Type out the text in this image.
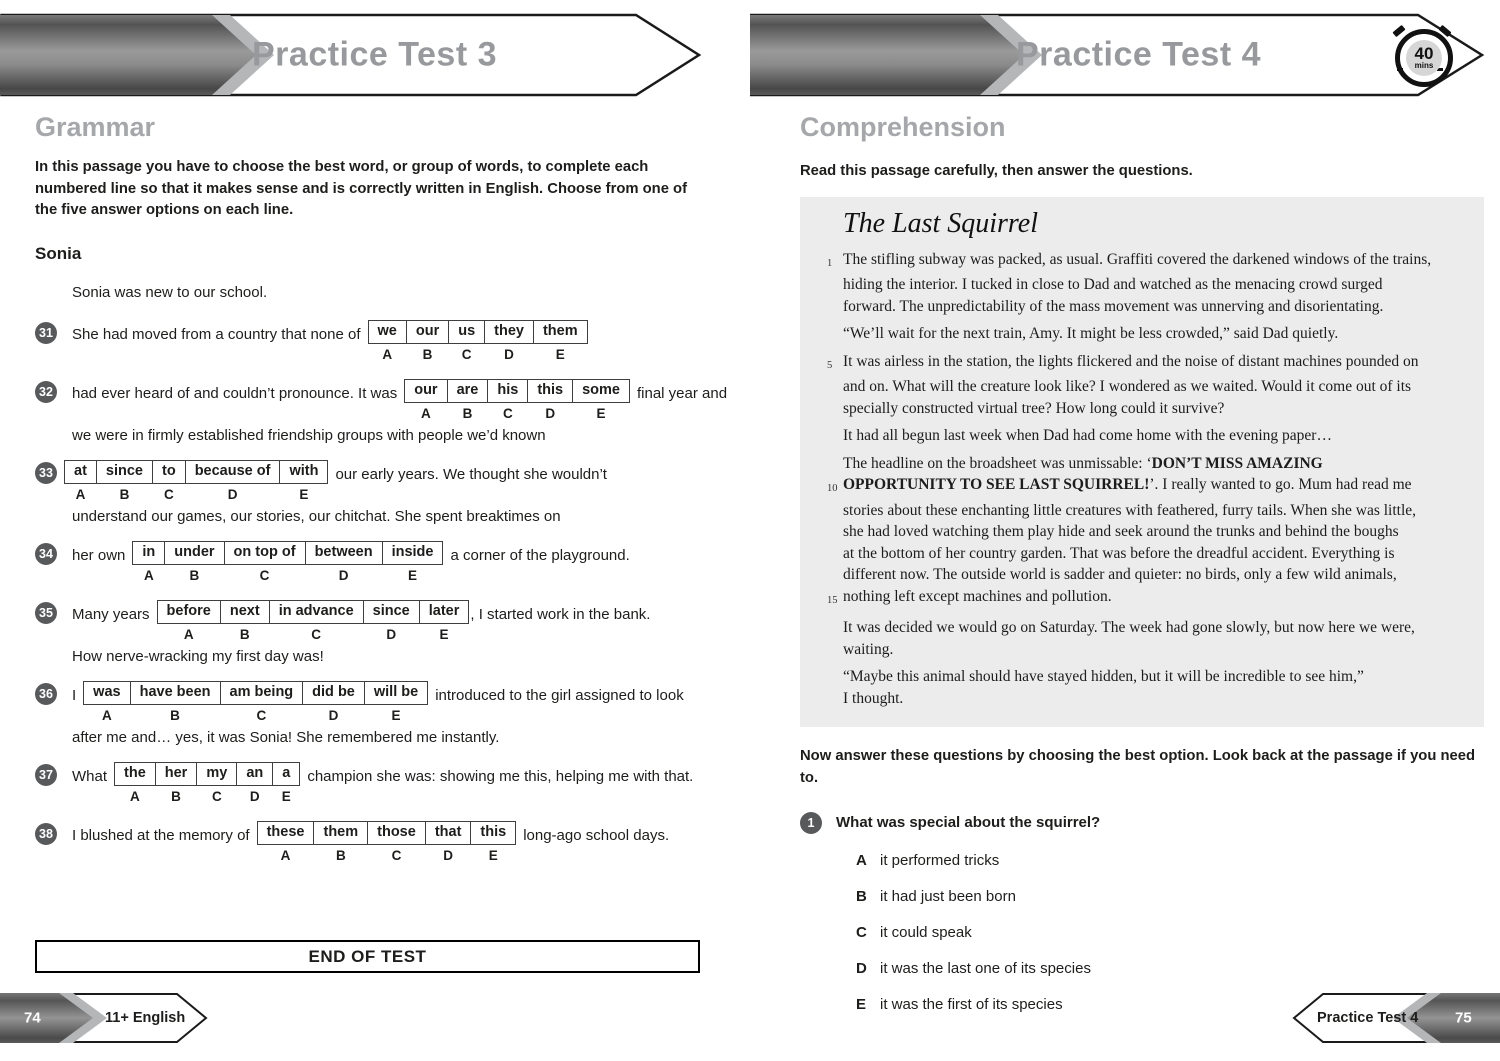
Practice Test 3	Practice Test 4	40
mins
Grammar
In this passage you have to choose the best word, or group of words, to complete each numbered line so that it makes sense and is correctly written in English. Choose from one of the five answer options on each line.
Sonia
Sonia was new to our school.
31 She had moved from a country that none of we	our	us	they	them
A	B	C	D	E
32 had ever heard of and couldn’t pronounce. It was our	are	his	this	some
A	B	C	D	E
final year and
we were in firmly established friendship groups with people we’d known
33 at	since	to	because of	with
A	B	C	D	E
our early years. We thought she wouldn’t
understand our games, our stories, our chitchat. She spent breaktimes on
34 her own in	under	on top of	between	inside
A	B	C	D	E
a corner of the playground.
35 Many years before	next	in advance	since	later
A	B	C	D	E
, I started work in the bank.
How nerve-wracking my first day was!
36 I was	have been	am being	did be	will be
A	B	C	D	E
introduced to the girl assigned to look
after me and… yes, it was Sonia! She remembered me instantly.
37 What the	her	my	an	a
A	B	C	D	E
champion she was: showing me this, helping me with that.
38 I blushed at the memory of these	them	those	that	this
A	B	C	D	E
long-ago school days.
END OF TEST
74	11+ English	Practice Test 4 75
Comprehension
Read this passage carefully, then answer the questions.
The Last Squirrel
1 The stifling subway was packed, as usual. Graffiti covered the darkened windows of the trains,
hiding the interior. I tucked in close to Dad and watched as the menacing crowd surged
forward. The unpredictability of the mass movement was unnerving and disorientating.
“We’ll wait for the next train, Amy. It might be less crowded,” said Dad quietly.
5 It was airless in the station, the lights flickered and the noise of distant machines pounded on
and on. What will the creature look like? I wondered as we waited. Would it come out of its
specially constructed virtual tree? How long could it survive?
It had all begun last week when Dad had come home with the evening paper…
The headline on the broadsheet was unmissable: ‘DON’T MISS AMAZING
10 OPPORTUNITY TO SEE LAST SQUIRREL!’. I really wanted to go. Mum had read me
stories about these enchanting little creatures with feathered, furry tails. When she was little,
she had loved watching them play hide and seek around the trunks and behind the boughs
at the bottom of her country garden. That was before the dreadful accident. Everything is
different now. The outside world is sadder and quieter: no birds, only a few wild animals,
15 nothing left except machines and pollution.
It was decided we would go on Saturday. The week had gone slowly, but now here we were,
waiting.
“Maybe this animal should have stayed hidden, but it will be incredible to see him,”
I thought.
Now answer these questions by choosing the best option. Look back at the passage if you need to.
1	What was special about the squirrel?
A it performed tricks
B it had just been born
C it could speak
D it was the last one of its species
E it was the first of its species
